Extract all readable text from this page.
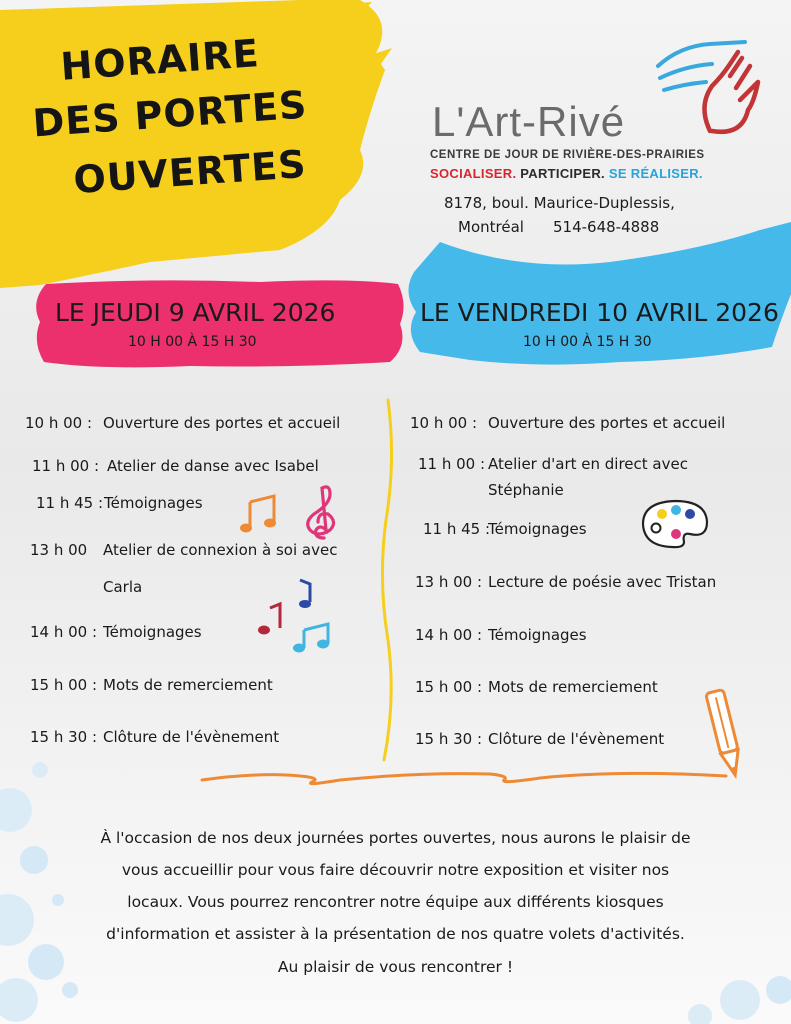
HORAIRE
DES PORTES
OUVERTES
L'Art-Rivé
CENTRE DE JOUR DE RIVIÈRE-DES-PRAIRIES
SOCIALISER. PARTICIPER. SE RÉALISER.
8178, boul. Maurice-Duplessis,
Montréal 514-648-4888
LE JEUDI 9 AVRIL 2026
10 H 00 À 15 H 30
LE VENDREDI 10 AVRIL 2026
10 H 00 À 15 H 30
10 h 00 : Ouverture des portes et accueil
11 h 00 : Atelier de danse avec Isabel
11 h 45 :Témoignages
13 h 00 Atelier de connexion à soi avec
Carla
14 h 00 : Témoignages
15 h 00 : Mots de remerciement
15 h 30 : Clôture de l'évènement
10 h 00 : Ouverture des portes et accueil
11 h 00 : Atelier d'art en direct avec
Stéphanie
11 h 45 :Témoignages
13 h 00 : Lecture de poésie avec Tristan
14 h 00 : Témoignages
15 h 00 : Mots de remerciement
15 h 30 : Clôture de l'évènement
À l'occasion de nos deux journées portes ouvertes, nous aurons le plaisir de
vous accueillir pour vous faire découvrir notre exposition et visiter nos
locaux. Vous pourrez rencontrer notre équipe aux différents kiosques
d'information et assister à la présentation de nos quatre volets d'activités.
Au plaisir de vous rencontrer !
